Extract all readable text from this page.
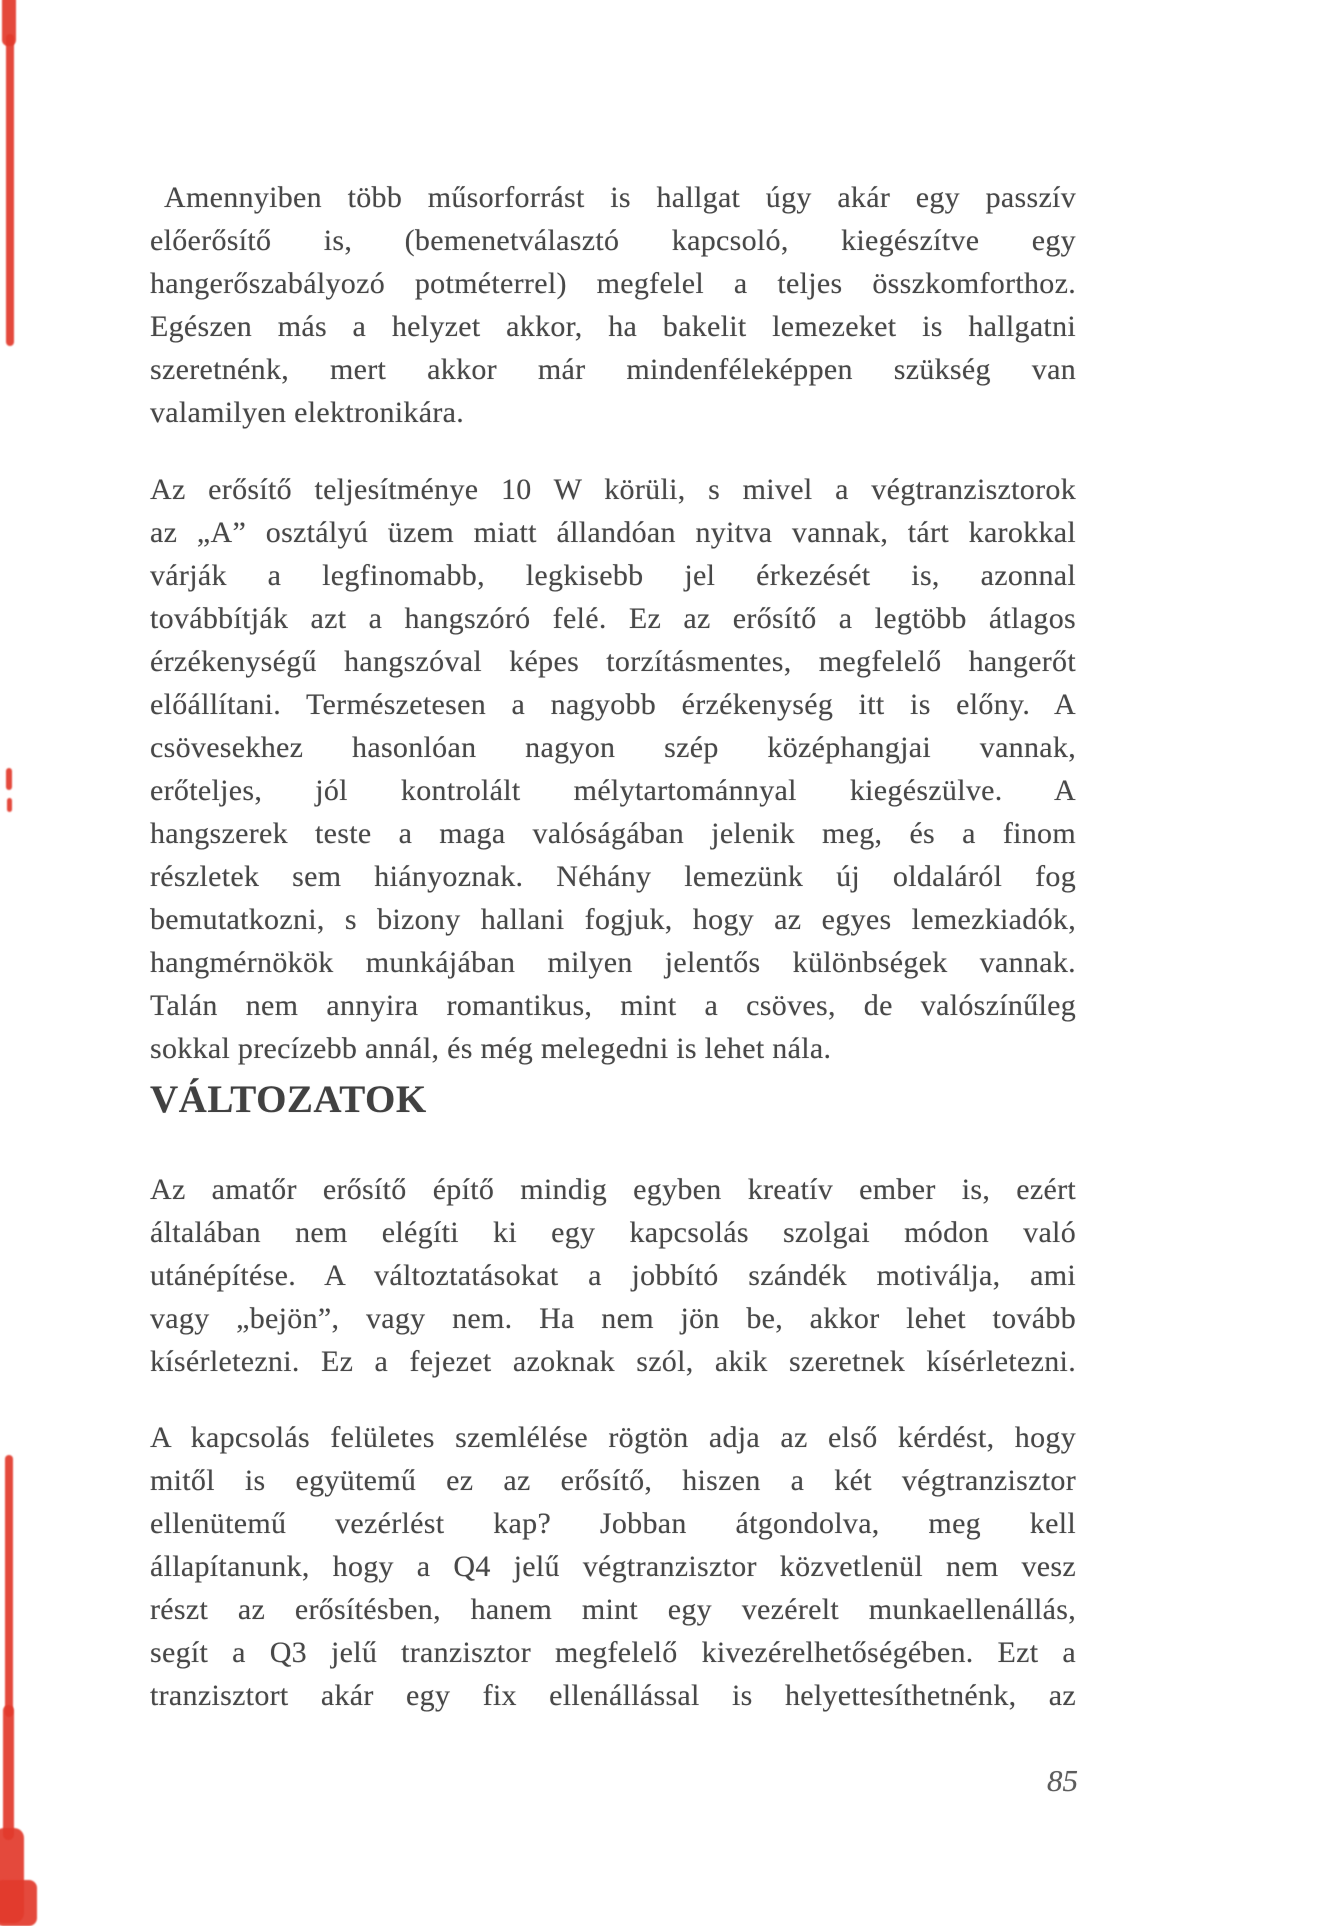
Amennyiben több műsorforrást is hallgat úgy akár egy passzív
előerősítő is, (bemenetválasztó kapcsoló, kiegészítve egy
hangerőszabályozó potméterrel) megfelel a teljes összkomforthoz.
Egészen más a helyzet akkor, ha bakelit lemezeket is hallgatni
szeretnénk, mert akkor már mindenféleképpen szükség van
valamilyen elektronikára.
Az erősítő teljesítménye 10 W körüli, s mivel a végtranzisztorok
az „A” osztályú üzem miatt állandóan nyitva vannak, tárt karokkal
várják a legfinomabb, legkisebb jel érkezését is, azonnal
továbbítják azt a hangszóró felé. Ez az erősítő a legtöbb átlagos
érzékenységű hangszóval képes torzításmentes, megfelelő hangerőt
előállítani. Természetesen a nagyobb érzékenység itt is előny. A
csövesekhez hasonlóan nagyon szép középhangjai vannak,
erőteljes, jól kontrolált mélytartománnyal kiegészülve. A
hangszerek teste a maga valóságában jelenik meg, és a finom
részletek sem hiányoznak. Néhány lemezünk új oldaláról fog
bemutatkozni, s bizony hallani fogjuk, hogy az egyes lemezkiadók,
hangmérnökök munkájában milyen jelentős különbségek vannak.
Talán nem annyira romantikus, mint a csöves, de valószínűleg
sokkal precízebb annál, és még melegedni is lehet nála.
VÁLTOZATOK
Az amatőr erősítő építő mindig egyben kreatív ember is, ezért
általában nem elégíti ki egy kapcsolás szolgai módon való
utánépítése. A változtatásokat a jobbító szándék motiválja, ami
vagy „bejön”, vagy nem. Ha nem jön be, akkor lehet tovább
kísérletezni. Ez a fejezet azoknak szól, akik szeretnek kísérletezni.
A kapcsolás felületes szemlélése rögtön adja az első kérdést, hogy
mitől is együtemű ez az erősítő, hiszen a két végtranzisztor
ellenütemű vezérlést kap? Jobban átgondolva, meg kell
állapítanunk, hogy a Q4 jelű végtranzisztor közvetlenül nem vesz
részt az erősítésben, hanem mint egy vezérelt munkaellenállás,
segít a Q3 jelű tranzisztor megfelelő kivezérelhetőségében. Ezt a
tranzisztort akár egy fix ellenállással is helyettesíthetnénk, az
85
